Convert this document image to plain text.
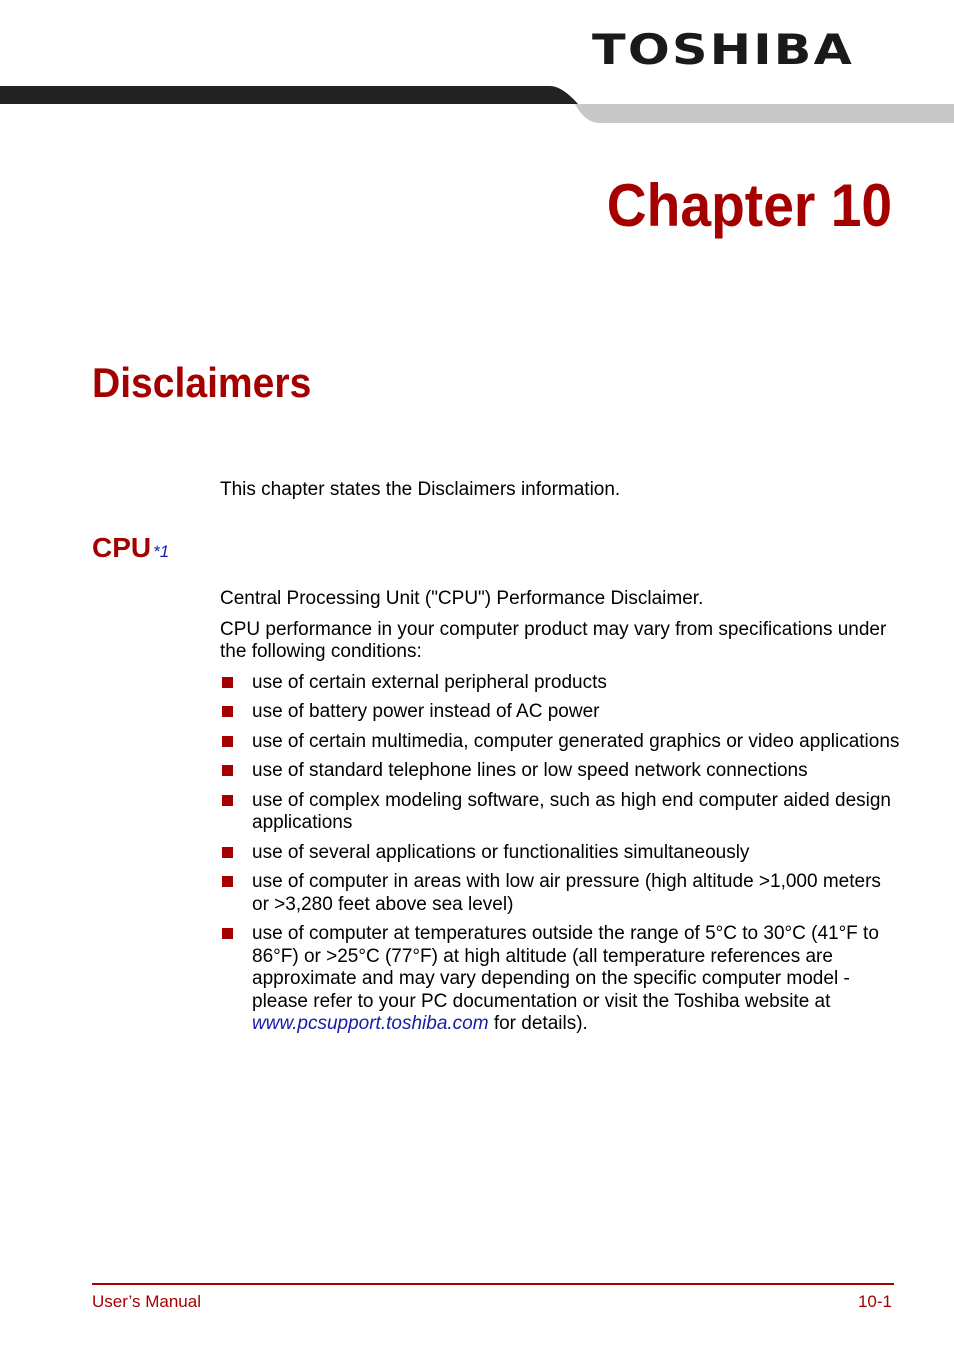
TOSHIBA
Chapter 10
Disclaimers

This chapter states the Disclaimers information.

CPU *1

Central Processing Unit ("CPU") Performance Disclaimer.

CPU performance in your computer product may vary from specifications under the following conditions:

use of certain external peripheral products
use of battery power instead of AC power
use of certain multimedia, computer generated graphics or video applications
use of standard telephone lines or low speed network connections
use of complex modeling software, such as high end computer aided design applications
use of several applications or functionalities simultaneously
use of computer in areas with low air pressure (high altitude >1,000 meters or >3,280 feet above sea level)
use of computer at temperatures outside the range of 5°C to 30°C (41°F to 86°F) or >25°C (77°F) at high altitude (all temperature references are approximate and may vary depending on the specific computer model - please refer to your PC documentation or visit the Toshiba website at www.pcsupport.toshiba.com for details).
User’s Manual	10-1
